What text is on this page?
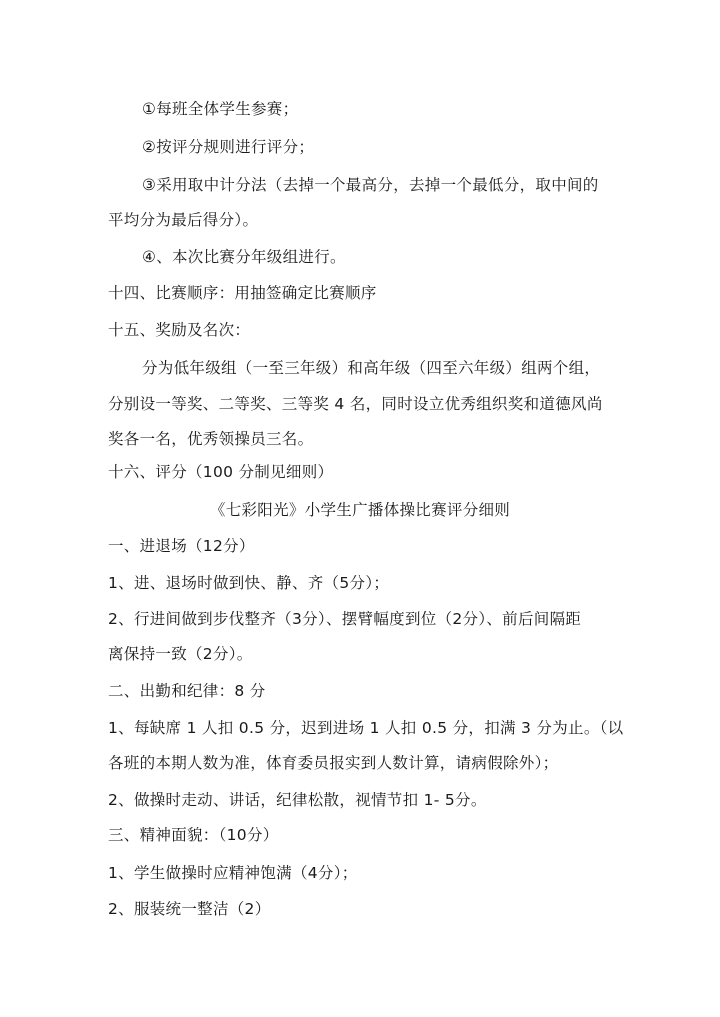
①每班全体学生参赛；
②按评分规则进行评分；
③采用取中计分法（去掉一个最高分，去掉一个最低分，取中间的
平均分为最后得分）。
④、本次比赛分年级组进行。
十四、比赛顺序：用抽签确定比赛顺序
十五、奖励及名次：
分为低年级组（一至三年级）和高年级（四至六年级）组两个组，
分别设一等奖、二等奖、三等奖 4 名，同时设立优秀组织奖和道德风尚
奖各一名，优秀领操员三名。
十六、评分（100 分制见细则）
《七彩阳光》小学生广播体操比赛评分细则
一、进退场（12分）
1、进、退场时做到快、静、齐（5分）；
2、行进间做到步伐整齐（3分）、摆臂幅度到位（2分）、前后间隔距
离保持一致（2分）。
二、出勤和纪律：8 分
1、每缺席 1 人扣 0.5 分，迟到进场 1 人扣 0.5 分，扣满 3 分为止。（以
各班的本期人数为准，体育委员报实到人数计算，请病假除外）；
2、做操时走动、讲话，纪律松散，视情节扣 1- 5分。
三、精神面貌：（10分）
1、学生做操时应精神饱满（4分）；
2、服装统一整洁（2）
